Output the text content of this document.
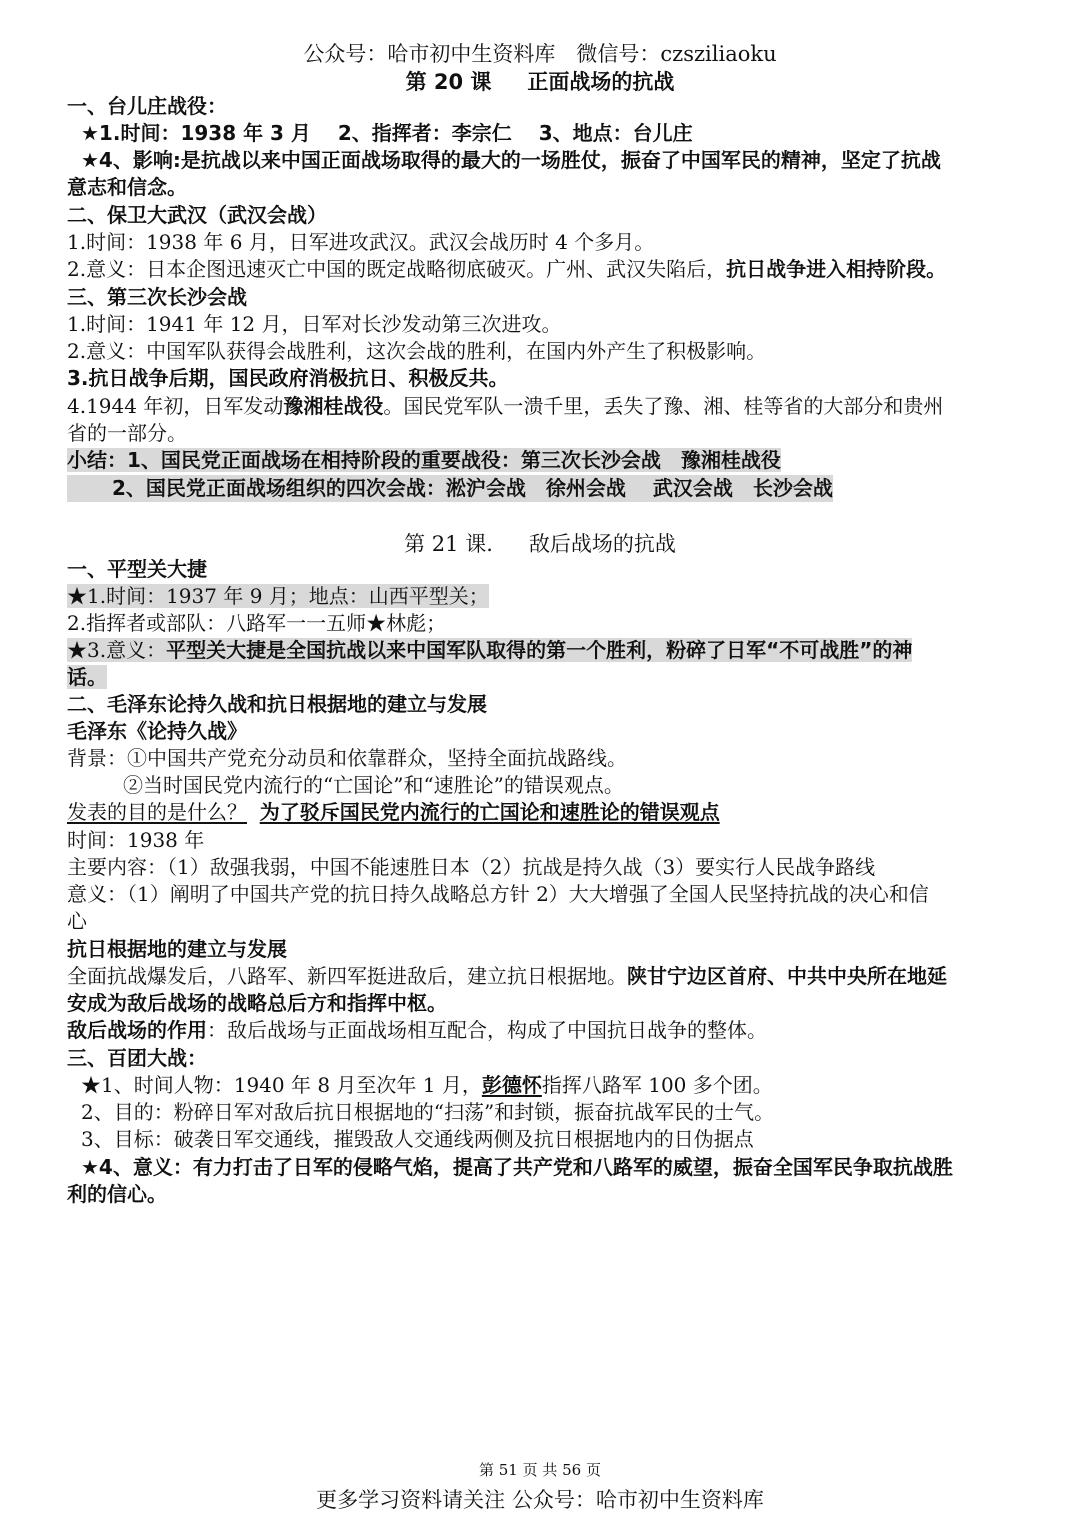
公众号：哈市初中生资料库　微信号：czsziliaoku
第 20 课 正面战场的抗战
一、台儿庄战役：
★1.时间：1938 年 3 月　 2、指挥者：李宗仁　 3、地点：台儿庄
★4、影响:是抗战以来中国正面战场取得的最大的一场胜仗，振奋了中国军民的精神，坚定了抗战
意志和信念。
二、保卫大武汉（武汉会战）
1.时间：1938 年 6 月，日军进攻武汉。武汉会战历时 4 个多月。
2.意义：日本企图迅速灭亡中国的既定战略彻底破灭。广州、武汉失陷后，抗日战争进入相持阶段。
三、第三次长沙会战
1.时间：1941 年 12 月，日军对长沙发动第三次进攻。
2.意义：中国军队获得会战胜利，这次会战的胜利，在国内外产生了积极影响。
3.抗日战争后期，国民政府消极抗日、积极反共。
4.1944 年初，日军发动豫湘桂战役。国民党军队一溃千里，丢失了豫、湘、桂等省的大部分和贵州
省的一部分。
小结：1、国民党正面战场在相持阶段的重要战役：第三次长沙会战　豫湘桂战役
2、国民党正面战场组织的四次会战：淞沪会战　徐州会战　 武汉会战　长沙会战
第 21 课. 敌后战场的抗战
一、平型关大捷
★1.时间：1937 年 9 月；地点：山西平型关；
2.指挥者或部队：八路军一一五师★林彪；
★3.意义：平型关大捷是全国抗战以来中国军队取得的第一个胜利，粉碎了日军“不可战胜”的神
话。
二、毛泽东论持久战和抗日根据地的建立与发展
毛泽东《论持久战》
背景：①中国共产党充分动员和依靠群众，坚持全面抗战路线。
②当时国民党内流行的“亡国论”和“速胜论”的错误观点。
发表的目的是什么？ 为了驳斥国民党内流行的亡国论和速胜论的错误观点
时间：1938 年
主要内容：（1）敌强我弱，中国不能速胜日本（2）抗战是持久战（3）要实行人民战争路线
意义：（1）阐明了中国共产党的抗日持久战略总方针 2）大大增强了全国人民坚持抗战的决心和信
心
抗日根据地的建立与发展
全面抗战爆发后，八路军、新四军挺进敌后，建立抗日根据地。陕甘宁边区首府、中共中央所在地延
安成为敌后战场的战略总后方和指挥中枢。
敌后战场的作用：敌后战场与正面战场相互配合，构成了中国抗日战争的整体。
三、百团大战：
★1、时间人物：1940 年 8 月至次年 1 月，彭德怀指挥八路军 100 多个团。
2、目的：粉碎日军对敌后抗日根据地的“扫荡”和封锁，振奋抗战军民的士气。
3、目标：破袭日军交通线，摧毁敌人交通线两侧及抗日根据地内的日伪据点
★4、意义：有力打击了日军的侵略气焰，提高了共产党和八路军的威望，振奋全国军民争取抗战胜
利的信心。
第 51 页 共 56 页
更多学习资料请关注 公众号：哈市初中生资料库
